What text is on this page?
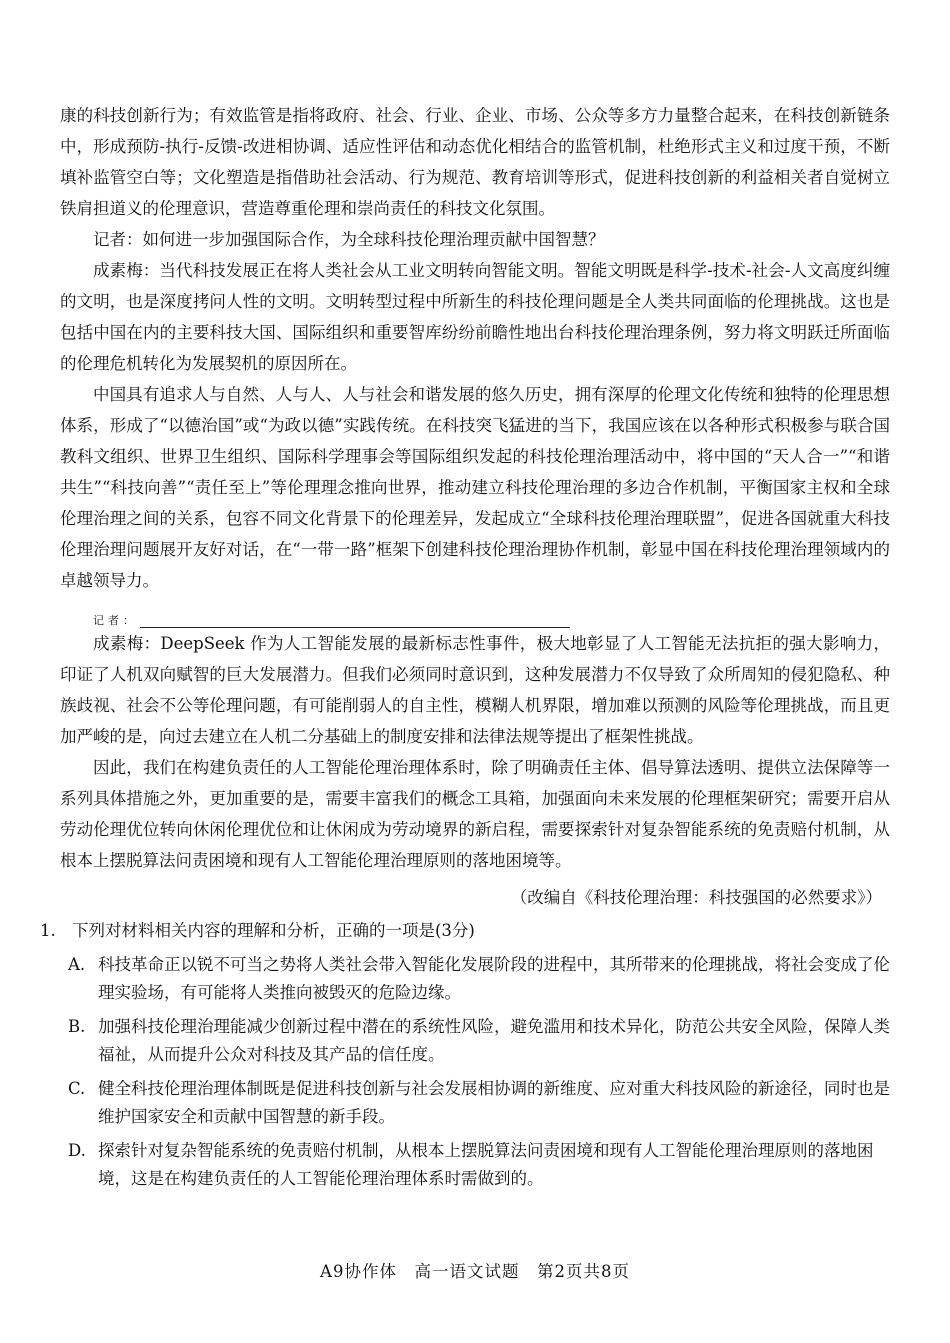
康的科技创新行为；有效监管是指将政府、社会、行业、企业、市场、公众等多方力量整合起来，在科技创新链条中，形成预防-执行-反馈-改进相协调、适应性评估和动态优化相结合的监管机制，杜绝形式主义和过度干预，不断填补监管空白等；文化塑造是指借助社会活动、行为规范、教育培训等形式，促进科技创新的利益相关者自觉树立铁肩担道义的伦理意识，营造尊重伦理和崇尚责任的科技文化氛围。

记者：如何进一步加强国际合作，为全球科技伦理治理贡献中国智慧？

成素梅：当代科技发展正在将人类社会从工业文明转向智能文明。智能文明既是科学-技术-社会-人文高度纠缠的文明，也是深度拷问人性的文明。文明转型过程中所新生的科技伦理问题是全人类共同面临的伦理挑战。这也是包括中国在内的主要科技大国、国际组织和重要智库纷纷前瞻性地出台科技伦理治理条例，努力将文明跃迁所面临的伦理危机转化为发展契机的原因所在。

中国具有追求人与自然、人与人、人与社会和谐发展的悠久历史，拥有深厚的伦理文化传统和独特的伦理思想体系，形成了“以德治国”或“为政以德”实践传统。在科技突飞猛进的当下，我国应该在以各种形式积极参与联合国教科文组织、世界卫生组织、国际科学理事会等国际组织发起的科技伦理治理活动中，将中国的“天人合一”“和谐共生”“科技向善”“责任至上”等伦理理念推向世界，推动建立科技伦理治理的多边合作机制，平衡国家主权和全球伦理治理之间的关系，包容不同文化背景下的伦理差异，发起成立“全球科技伦理治理联盟”，促进各国就重大科技伦理治理问题展开友好对话，在“一带一路”框架下创建科技伦理治理协作机制，彰显中国在科技伦理治理领域内的卓越领导力。

记者：

成素梅：DeepSeek 作为人工智能发展的最新标志性事件，极大地彰显了人工智能无法抗拒的强大影响力，印证了人机双向赋智的巨大发展潜力。但我们必须同时意识到，这种发展潜力不仅导致了众所周知的侵犯隐私、种族歧视、社会不公等伦理问题，有可能削弱人的自主性，模糊人机界限，增加难以预测的风险等伦理挑战，而且更加严峻的是，向过去建立在人机二分基础上的制度安排和法律法规等提出了框架性挑战。

因此，我们在构建负责任的人工智能伦理治理体系时，除了明确责任主体、倡导算法透明、提供立法保障等一系列具体措施之外，更加重要的是，需要丰富我们的概念工具箱，加强面向未来发展的伦理框架研究；需要开启从劳动伦理优位转向休闲伦理优位和让休闲成为劳动境界的新启程，需要探索针对复杂智能系统的免责赔付机制，从根本上摆脱算法问责困境和现有人工智能伦理治理原则的落地困境等。

（改编自《科技伦理治理：科技强国的必然要求》）
1. 下列对材料相关内容的理解和分析，正确的一项是(3分)
A. 科技革命正以锐不可当之势将人类社会带入智能化发展阶段的进程中，其所带来的伦理挑战，将社会变成了伦理实验场，有可能将人类推向被毁灭的危险边缘。
B. 加强科技伦理治理能减少创新过程中潜在的系统性风险，避免滥用和技术异化，防范公共安全风险，保障人类福祉，从而提升公众对科技及其产品的信任度。
C. 健全科技伦理治理体制既是促进科技创新与社会发展相协调的新维度、应对重大科技风险的新途径，同时也是维护国家安全和贡献中国智慧的新手段。
D. 探索针对复杂智能系统的免责赔付机制，从根本上摆脱算法问责困境和现有人工智能伦理治理原则的落地困境，这是在构建负责任的人工智能伦理治理体系时需做到的。
A9协作体　高一语文试题　第2页共8页
